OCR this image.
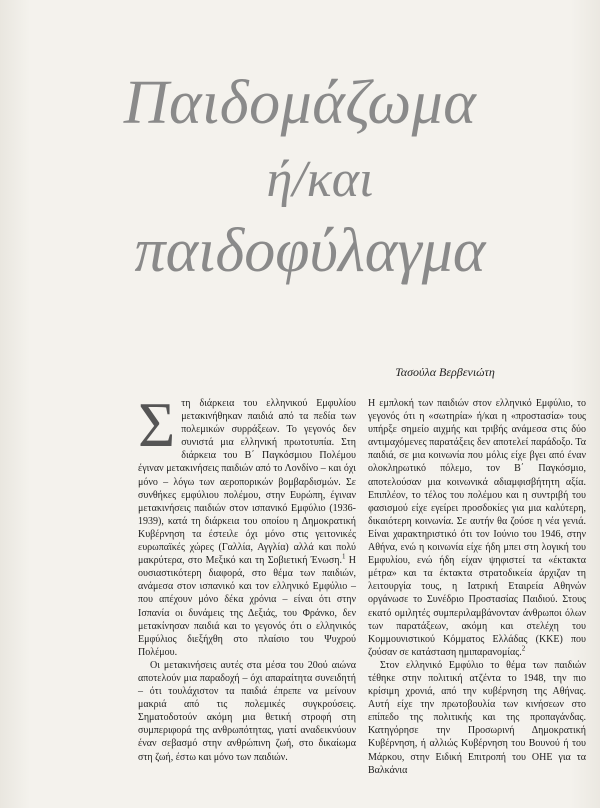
Παιδομάζωμα
ή/και
παιδοφύλαγμα
Τασούλα Βερβενιώτη

Στη διάρκεια του ελληνικού Εμφυλίου μετακινήθηκαν παιδιά από τα πεδία των πολεμικών συρράξεων. Το γεγονός δεν συνιστά μια ελληνική πρωτοτυπία. Στη διάρκεια του Β΄ Παγκόσμιου Πολέμου έγιναν μετακινήσεις παιδιών από το Λονδίνο – και όχι μόνο – λόγω των αεροπορικών βομβαρδισμών. Σε συνθήκες εμφύλιου πολέμου, στην Ευρώπη, έγιναν μετακινήσεις παιδιών στον ισπανικό Εμφύλιο (1936-1939), κατά τη διάρκεια του οποίου η Δημοκρατική Κυβέρνηση τα έστειλε όχι μόνο στις γειτονικές ευρωπαϊκές χώρες (Γαλλία, Αγγλία) αλλά και πολύ μακρύτερα, στο Μεξικό και τη Σοβιετική Ένωση.$^1$ Η ουσιαστικότερη διαφορά, στο θέμα των παιδιών, ανάμεσα στον ισπανικό και τον ελληνικό Εμφύλιο – που απέχουν μόνο δέκα χρόνια – είναι ότι στην Ισπανία οι δυνάμεις της Δεξιάς, του Φράνκο, δεν μετακίνησαν παιδιά και το γεγονός ότι ο ελληνικός Εμφύλιος διεξήχθη στο πλαίσιο του Ψυχρού Πολέμου.

Οι μετακινήσεις αυτές στα μέσα του 20ού αιώνα αποτελούν μια παραδοχή – όχι απαραίτητα συνειδητή – ότι τουλάχιστον τα παιδιά έπρεπε να μείνουν μακριά από τις πολεμικές συγκρούσεις. Σηματοδοτούν ακόμη μια θετική στροφή στη συμπεριφορά της ανθρωπότητας, γιατί αναδεικνύουν έναν σεβασμό στην ανθρώπινη ζωή, στο δικαίωμα στη ζωή, έστω και μόνο των παιδιών.

Η εμπλοκή των παιδιών στον ελληνικό Εμφύλιο, το γεγονός ότι η «σωτηρία» ή/και η «προστασία» τους υπήρξε σημείο αιχμής και τριβής ανάμεσα στις δύο αντιμαχόμενες παρατάξεις δεν αποτελεί παράδοξο. Τα παιδιά, σε μια κοινωνία που μόλις είχε βγει από έναν ολοκληρωτικό πόλεμο, τον Β΄ Παγκόσμιο, αποτελούσαν μια κοινωνικά αδιαμφισβήτητη αξία. Επιπλέον, το τέλος του πολέμου και η συντριβή του φασισμού είχε εγείρει προσδοκίες για μια καλύτερη, δικαιότερη κοινωνία. Σε αυτήν θα ζούσε η νέα γενιά. Είναι χαρακτηριστικό ότι τον Ιούνιο του 1946, στην Αθήνα, ενώ η κοινωνία είχε ήδη μπει στη λογική του Εμφυλίου, ενώ ήδη είχαν ψηφιστεί τα «έκτακτα μέτρα» και τα έκτακτα στρατοδικεία άρχιζαν τη λειτουργία τους, η Ιατρική Εταιρεία Αθηνών οργάνωσε το Συνέδριο Προστασίας Παιδιού. Στους εκατό ομιλητές συμπεριλαμβάνονταν άνθρωποι όλων των παρατάξεων, ακόμη και στελέχη του Κομμουνιστικού Κόμματος Ελλάδας (ΚΚΕ) που ζούσαν σε κατάσταση ημιπαρανομίας.$^2$

Στον ελληνικό Εμφύλιο το θέμα των παιδιών τέθηκε στην πολιτική ατζέντα το 1948, την πιο κρίσιμη χρονιά, από την κυβέρνηση της Αθήνας. Αυτή είχε την πρωτοβουλία των κινήσεων στο επίπεδο της πολιτικής και της προπαγάνδας. Κατηγόρησε την Προσωρινή Δημοκρατική Κυβέρνηση, ή αλλιώς Κυβέρνηση του Βουνού ή του Μάρκου, στην Ειδική Επιτροπή του ΟΗΕ για τα Βαλκάνια
